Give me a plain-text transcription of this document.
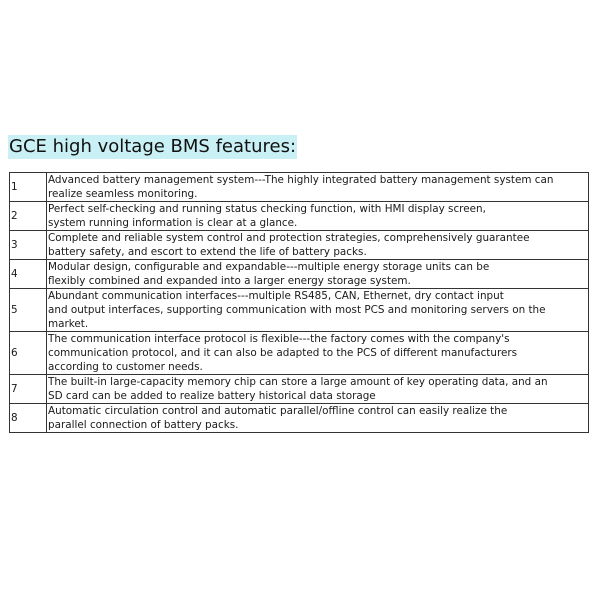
GCE high voltage BMS features:
1	Advanced battery management system---The highly integrated battery management system can
realize seamless monitoring.

2	Perfect self-checking and running status checking function, with HMI display screen,
system running information is clear at a glance.

3	Complete and reliable system control and protection strategies, comprehensively guarantee
battery safety, and escort to extend the life of battery packs.

4	Modular design, configurable and expandable---multiple energy storage units can be
flexibly combined and expanded into a larger energy storage system.

5	Abundant communication interfaces---multiple RS485, CAN, Ethernet, dry contact input
and output interfaces, supporting communication with most PCS and monitoring servers on the
market.

6	The communication interface protocol is flexible---the factory comes with the company's
communication protocol, and it can also be adapted to the PCS of different manufacturers
according to customer needs.

7	The built-in large-capacity memory chip can store a large amount of key operating data, and an
SD card can be added to realize battery historical data storage

8	Automatic circulation control and automatic parallel/offline control can easily realize the
parallel connection of battery packs.
